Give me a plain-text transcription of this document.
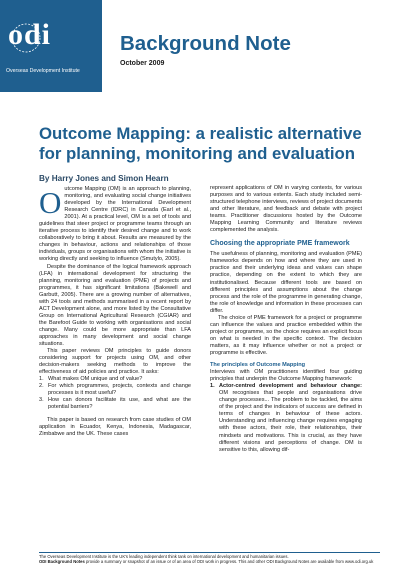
odi
Overseas Development Institute
Background Note
October 2009
Outcome Mapping: a realistic alternative for planning, monitoring and evaluation
By Harry Jones and Simon Hearn

Outcome Mapping (OM) is an approach to planning, monitoring, and evaluating social change initiatives developed by the International Development Research Centre (IDRC) in Canada (Earl et al., 2001). At a practical level, OM is a set of tools and guidelines that steer project or programme teams through an iterative process to identify their desired change and to work collaboratively to bring it about. Results are measured by the changes in behaviour, actions and relationships of those individuals, groups or organisations with whom the initiative is working directly and seeking to influence (Smutylo, 2005).

Despite the dominance of the logical framework approach (LFA) in international development for structuring the planning, monitoring and evaluation (PME) of projects and programmes, it has significant limitations (Bakewell and Garbutt, 2005). There are a growing number of alternatives, with 24 tools and methods summarised in a recent report by ACT Development alone, and more listed by the Consultative Group on International Agricultural Research (CGIAR) and the Barefoot Guide to working with organisations and social change. Many could be more appropriate than LFA approaches in many development and social change situations.

This paper reviews OM principles to guide donors considering support for projects using OM, and other decision-makers seeking methods to improve the effectiveness of aid policies and practice. It asks:

1. What makes OM unique and of value?
2. For which programmes, projects, contexts and change processes is it most useful?
3. How can donors facilitate its use, and what are the potential barriers?

This paper is based on research from case studies of OM application in Ecuador, Kenya, Indonesia, Madagascar, Zimbabwe and the UK. These cases

represent applications of OM in varying contexts, for various purposes and to various extents. Each study included semi-structured telephone interviews, reviews of project documents and other literature, and feedback and debate with project teams. Practitioner discussions hosted by the Outcome Mapping Learning Community and literature reviews complemented the analysis.

Choosing the appropriate PME framework

The usefulness of planning, monitoring and evaluation (PME) frameworks depends on how and where they are used in practice and their underlying ideas and values can shape practice, depending on the extent to which they are institutionalised. Because different tools are based on different principles and assumptions about the change process and the role of the programme in generating change, the role of knowledge and information in these processes can differ.

The choice of PME framework for a project or programme can influence the values and practice embedded within the project or programme, so the choice requires an explicit focus on what is needed in the specific context. The decision matters, as it may influence whether or not a project or programme is effective.

The principles of Outcome Mapping

Interviews with OM practitioners identified four guiding principles that underpin the Outcome Mapping framework:

1. Actor-centred development and behaviour change: OM recognises that people and organisations drive change processes... The problem to be tackled, the aims of the project and the indicators of success are defined in terms of changes in behaviour of these actors. Understanding and influencing change requires engaging with these actors, their role, their relationships, their mindsets and motivations. This is crucial, as they have different visions and perceptions of change. OM is sensitive to this, allowing dif-

The Overseas Development Institute is the UK's leading independent think tank on international development and humanitarian issues.

ODI Background Notes provide a summary or snapshot of an issue or of an area of ODI work in progress. This and other ODI Background Notes are available from www.odi.org.uk
